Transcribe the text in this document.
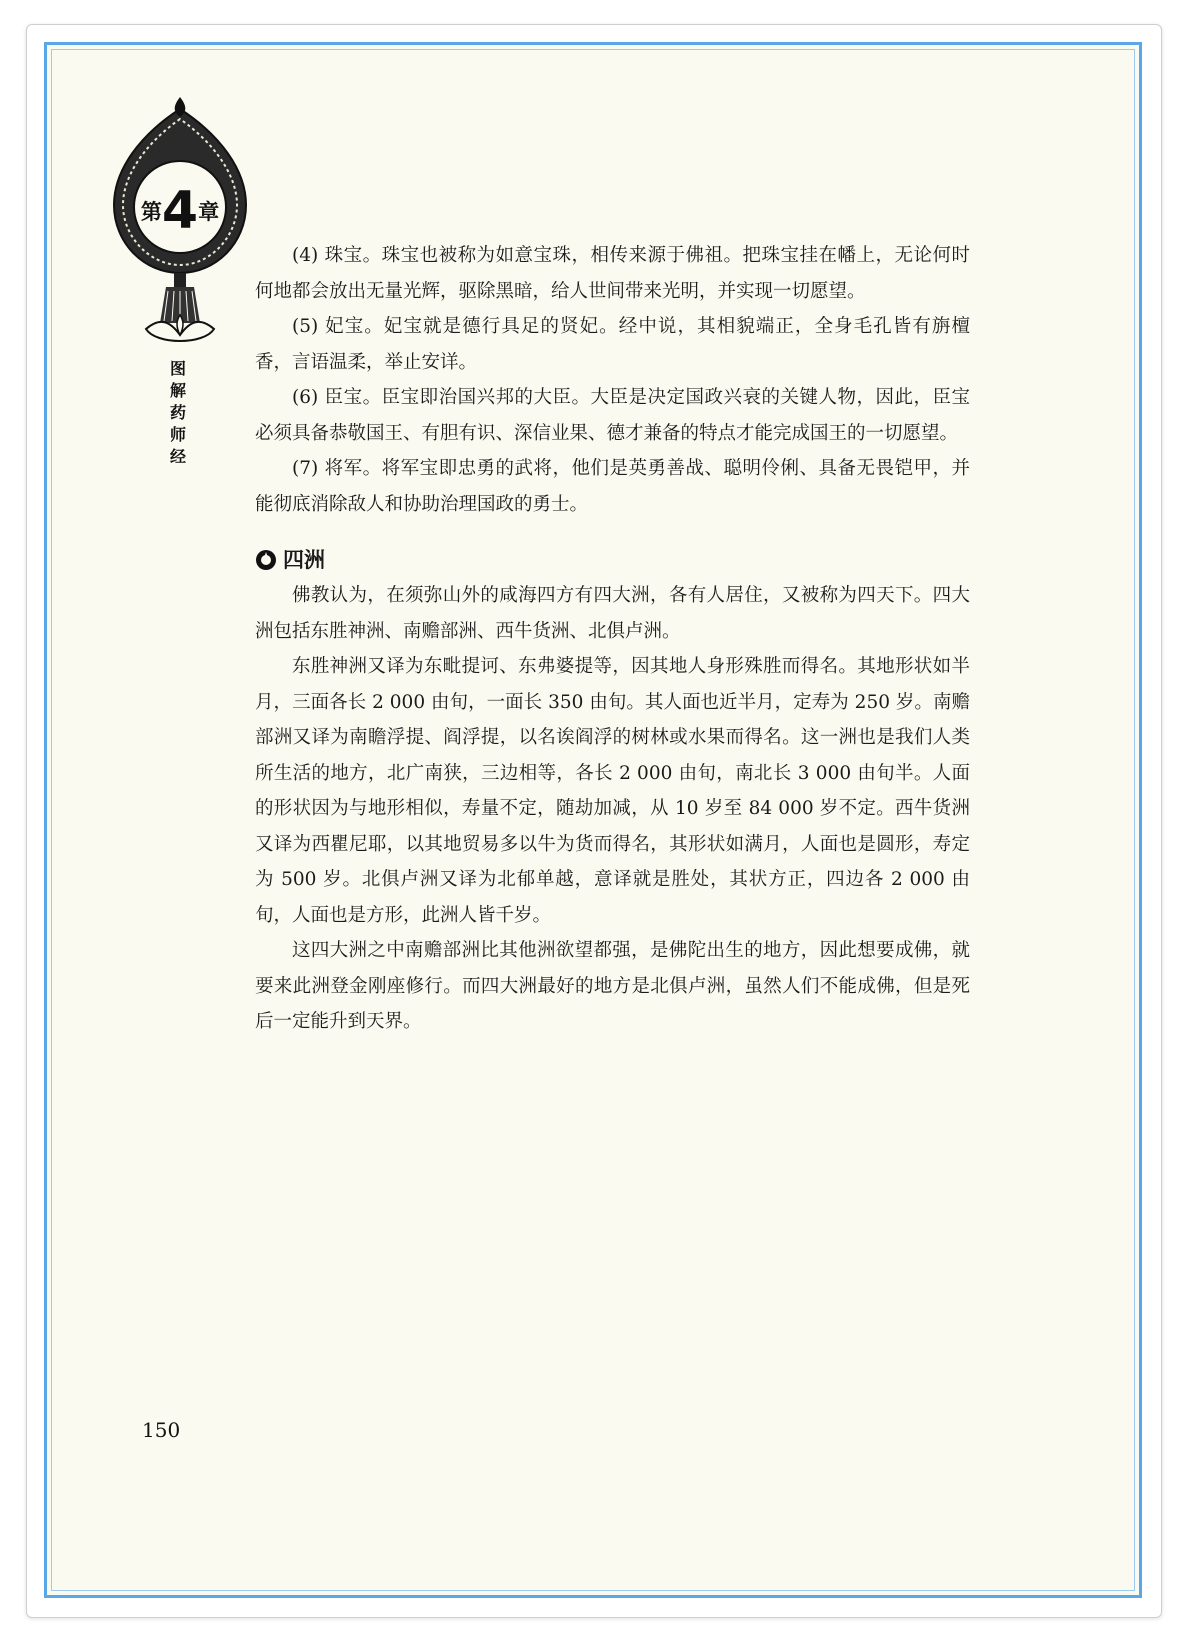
第4章
图解药师经

(4) 珠宝。珠宝也被称为如意宝珠，相传来源于佛祖。把珠宝挂在幡上，无论何时何地都会放出无量光辉，驱除黑暗，给人世间带来光明，并实现一切愿望。

(5) 妃宝。妃宝就是德行具足的贤妃。经中说，其相貌端正，全身毛孔皆有旃檀香，言语温柔，举止安详。

(6) 臣宝。臣宝即治国兴邦的大臣。大臣是决定国政兴衰的关键人物，因此，臣宝必须具备恭敬国王、有胆有识、深信业果、德才兼备的特点才能完成国王的一切愿望。

(7) 将军。将军宝即忠勇的武将，他们是英勇善战、聪明伶俐、具备无畏铠甲，并能彻底消除敌人和协助治理国政的勇士。

四洲

佛教认为，在须弥山外的咸海四方有四大洲，各有人居住，又被称为四天下。四大洲包括东胜神洲、南赡部洲、西牛货洲、北俱卢洲。

东胜神洲又译为东毗提诃、东弗婆提等，因其地人身形殊胜而得名。其地形状如半月，三面各长 2 000 由旬，一面长 350 由旬。其人面也近半月，定寿为 250 岁。南赡部洲又译为南瞻浮提、阎浮提，以名诶阎浮的树林或水果而得名。这一洲也是我们人类所生活的地方，北广南狭，三边相等，各长 2 000 由旬，南北长 3 000 由旬半。人面的形状因为与地形相似，寿量不定，随劫加减，从 10 岁至 84 000 岁不定。西牛货洲又译为西瞿尼耶，以其地贸易多以牛为货而得名，其形状如满月，人面也是圆形，寿定为 500 岁。北俱卢洲又译为北郁单越，意译就是胜处，其状方正，四边各 2 000 由旬，人面也是方形，此洲人皆千岁。

这四大洲之中南赡部洲比其他洲欲望都强，是佛陀出生的地方，因此想要成佛，就要来此洲登金刚座修行。而四大洲最好的地方是北俱卢洲，虽然人们不能成佛，但是死后一定能升到天界。

150
